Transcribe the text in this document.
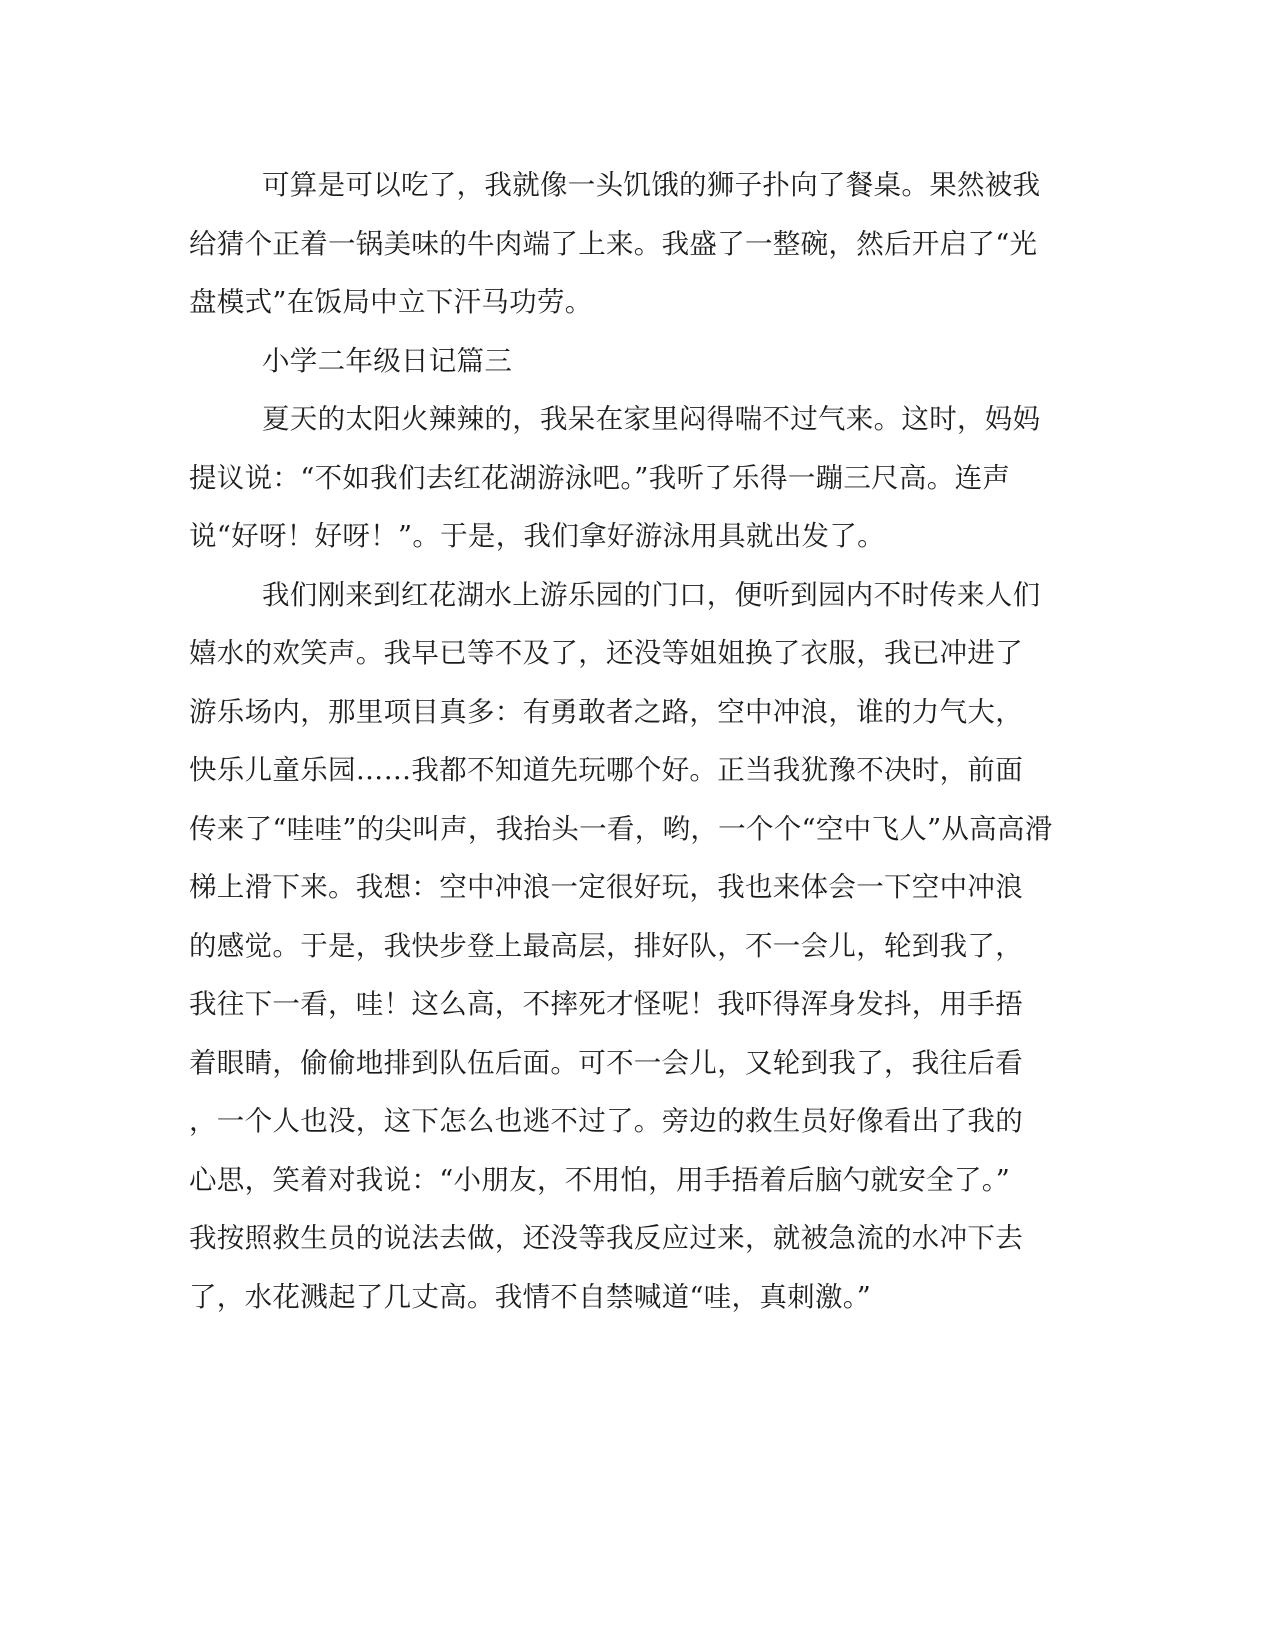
可算是可以吃了，我就像一头饥饿的狮子扑向了餐桌。果然被我
给猜个正着一锅美味的牛肉端了上来。我盛了一整碗，然后开启了“光
盘模式”在饭局中立下汗马功劳。
小学二年级日记篇三
夏天的太阳火辣辣的，我呆在家里闷得喘不过气来。这时，妈妈
提议说：“不如我们去红花湖游泳吧。”我听了乐得一蹦三尺高。连声
说“好呀！好呀！”。于是，我们拿好游泳用具就出发了。
我们刚来到红花湖水上游乐园的门口，便听到园内不时传来人们
嬉水的欢笑声。我早已等不及了，还没等姐姐换了衣服，我已冲进了
游乐场内，那里项目真多：有勇敢者之路，空中冲浪，谁的力气大，
快乐儿童乐园……我都不知道先玩哪个好。正当我犹豫不决时，前面
传来了“哇哇”的尖叫声，我抬头一看，哟，一个个“空中飞人”从高高滑
梯上滑下来。我想：空中冲浪一定很好玩，我也来体会一下空中冲浪
的感觉。于是，我快步登上最高层，排好队，不一会儿，轮到我了，
我往下一看，哇！这么高，不摔死才怪呢！我吓得浑身发抖，用手捂
着眼睛，偷偷地排到队伍后面。可不一会儿，又轮到我了，我往后看
，一个人也没，这下怎么也逃不过了。旁边的救生员好像看出了我的
心思，笑着对我说：“小朋友，不用怕，用手捂着后脑勺就安全了。”
我按照救生员的说法去做，还没等我反应过来，就被急流的水冲下去
了，水花溅起了几丈高。我情不自禁喊道“哇，真刺激。”
